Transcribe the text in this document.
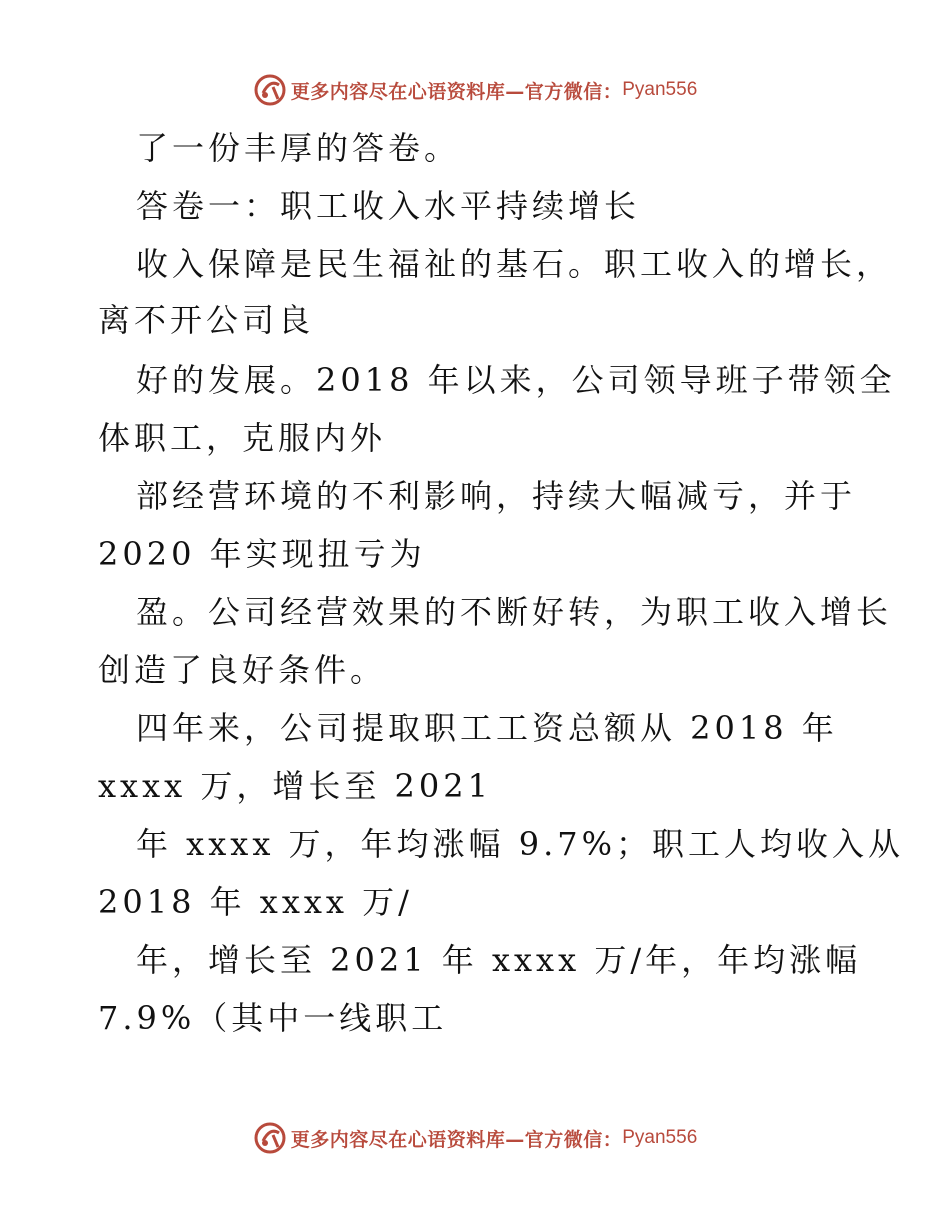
更多内容尽在心语资料库—官方微信： Pyan556
了一份丰厚的答卷。
答卷一：职工收入水平持续增长
收入保障是民生福祉的基石。职工收入的增长，
离不开公司良
好的发展。2018 年以来，公司领导班子带领全
体职工，克服内外
部经营环境的不利影响，持续大幅减亏，并于
2020 年实现扭亏为
盈。公司经营效果的不断好转，为职工收入增长
创造了良好条件。
四年来，公司提取职工工资总额从 2018 年
xxxx 万，增长至 2021
年 xxxx 万，年均涨幅 9.7%；职工人均收入从
2018 年 xxxx 万/
年，增长至 2021 年 xxxx 万/年，年均涨幅
7.9%（其中一线职工
更多内容尽在心语资料库—官方微信： Pyan556
